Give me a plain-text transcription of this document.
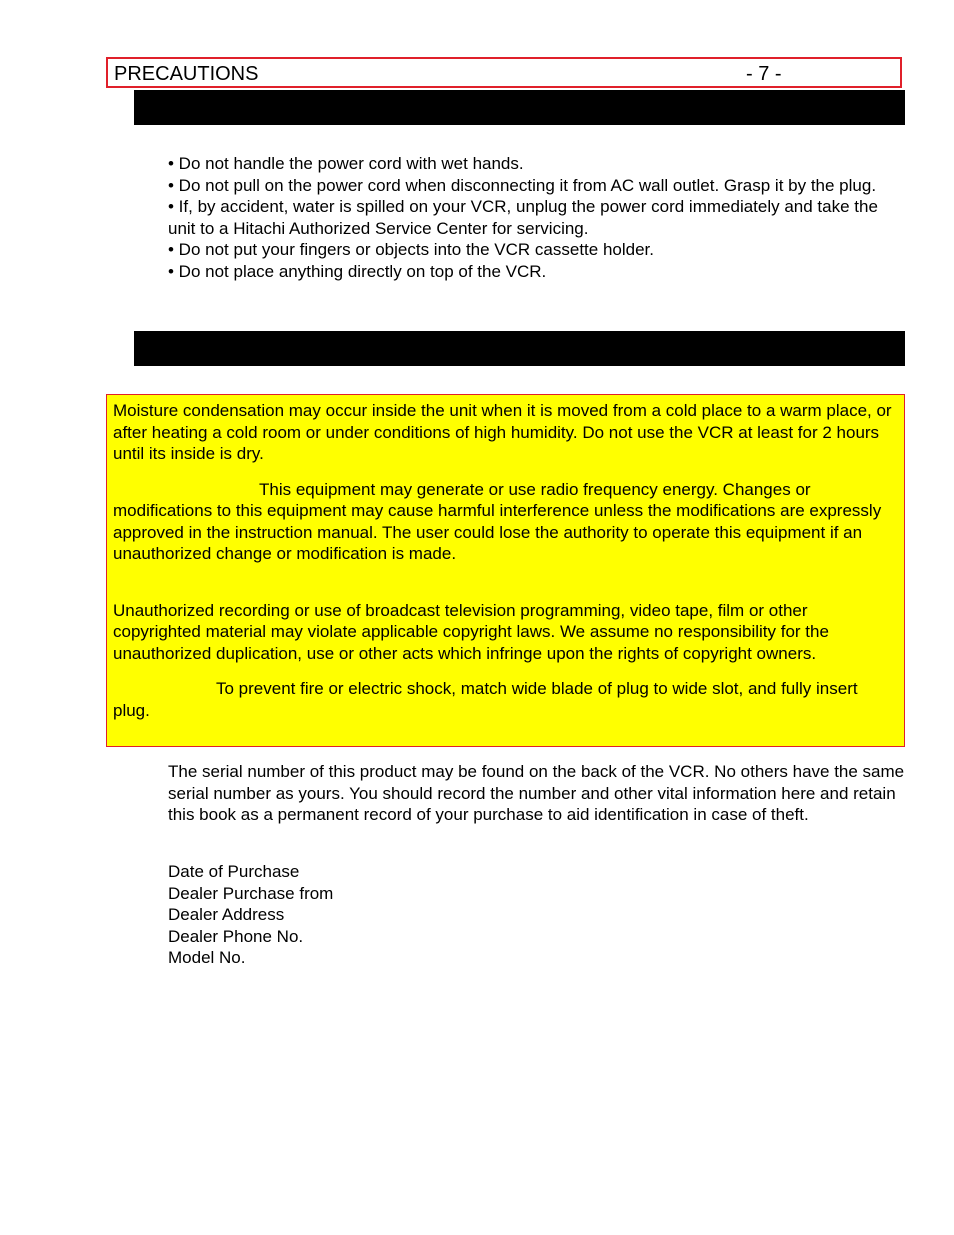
PRECAUTIONS	- 7 -

• Do not handle the power cord with wet hands.

• Do not pull on the power cord when disconnecting it from AC wall outlet. Grasp it by the plug.

• If, by accident, water is spilled on your VCR, unplug the power cord immediately and take the unit to a Hitachi Authorized Service Center for servicing.

• Do not put your fingers or objects into the VCR cassette holder.

• Do not place anything directly on top of the VCR.

Moisture condensation may occur inside the unit when it is moved from a cold place to a warm place, or after heating a cold room or under conditions of high humidity. Do not use the VCR at least for 2 hours until its inside is dry.

This equipment may generate or use radio frequency energy. Changes or modifications to this equipment may cause harmful interference unless the modifications are expressly approved in the instruction manual. The user could lose the authority to operate this equipment if an unauthorized change or modification is made.

Unauthorized recording or use of broadcast television programming, video tape, film or other copyrighted material may violate applicable copyright laws. We assume no responsibility for the unauthorized duplication, use or other acts which infringe upon the rights of copyright owners.

To prevent fire or electric shock, match wide blade of plug to wide slot, and fully insert plug.

The serial number of this product may be found on the back of the VCR. No others have the same serial number as yours. You should record the number and other vital information here and retain this book as a permanent record of your purchase to aid identification in case of theft.

Date of Purchase
Dealer Purchase from
Dealer Address
Dealer Phone No.
Model No.
